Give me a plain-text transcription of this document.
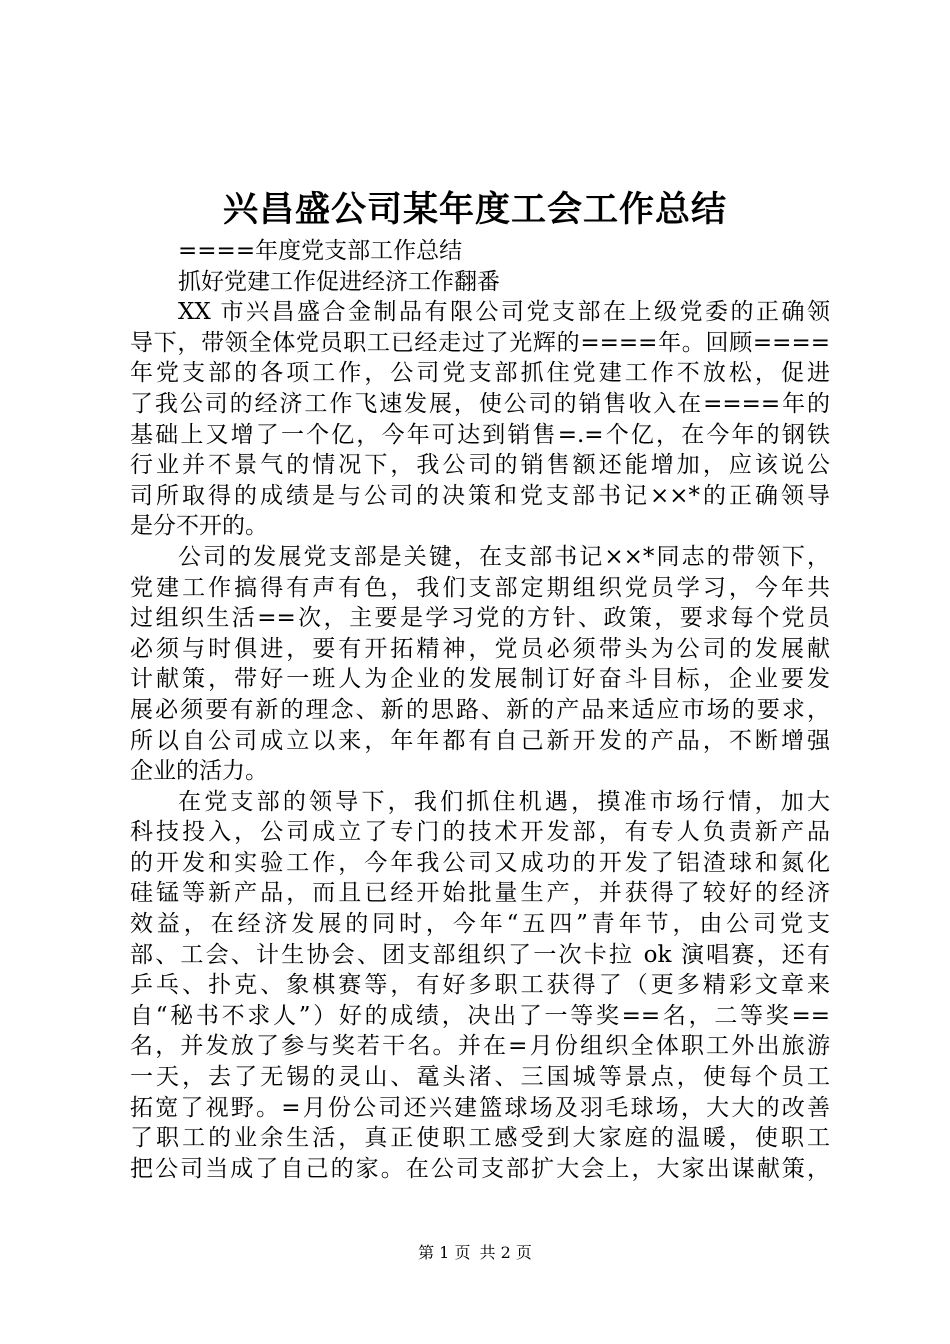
兴昌盛公司某年度工会工作总结
====年度党支部工作总结
抓好党建工作促进经济工作翻番
XX 市兴昌盛合金制品有限公司党支部在上级党委的正确领
导下，带领全体党员职工已经走过了光辉的====年。回顾====
年党支部的各项工作，公司党支部抓住党建工作不放松，促进
了我公司的经济工作飞速发展，使公司的销售收入在====年的
基础上又增了一个亿，今年可达到销售=.=个亿，在今年的钢铁
行业并不景气的情况下，我公司的销售额还能增加，应该说公
司所取得的成绩是与公司的决策和党支部书记××*的正确领导
是分不开的。
公司的发展党支部是关键，在支部书记××*同志的带领下，
党建工作搞得有声有色，我们支部定期组织党员学习，今年共
过组织生活==次，主要是学习党的方针、政策，要求每个党员
必须与时俱进，要有开拓精神，党员必须带头为公司的发展献
计献策，带好一班人为企业的发展制订好奋斗目标，企业要发
展必须要有新的理念、新的思路、新的产品来适应市场的要求，
所以自公司成立以来，年年都有自己新开发的产品，不断增强
企业的活力。
在党支部的领导下，我们抓住机遇，摸准市场行情，加大
科技投入，公司成立了专门的技术开发部，有专人负责新产品
的开发和实验工作，今年我公司又成功的开发了铝渣球和氮化
硅锰等新产品，而且已经开始批量生产，并获得了较好的经济
效益，在经济发展的同时，今年“五四”青年节，由公司党支
部、工会、计生协会、团支部组织了一次卡拉 ok 演唱赛，还有
乒乓、扑克、象棋赛等，有好多职工获得了（更多精彩文章来
自“秘书不求人”）好的成绩，决出了一等奖==名，二等奖==
名，并发放了参与奖若干名。并在=月份组织全体职工外出旅游
一天，去了无锡的灵山、鼋头渚、三国城等景点，使每个员工
拓宽了视野。=月份公司还兴建篮球场及羽毛球场，大大的改善
了职工的业余生活，真正使职工感受到大家庭的温暖，使职工
把公司当成了自己的家。在公司支部扩大会上，大家出谋献策，
第 1 页 共 2 页
